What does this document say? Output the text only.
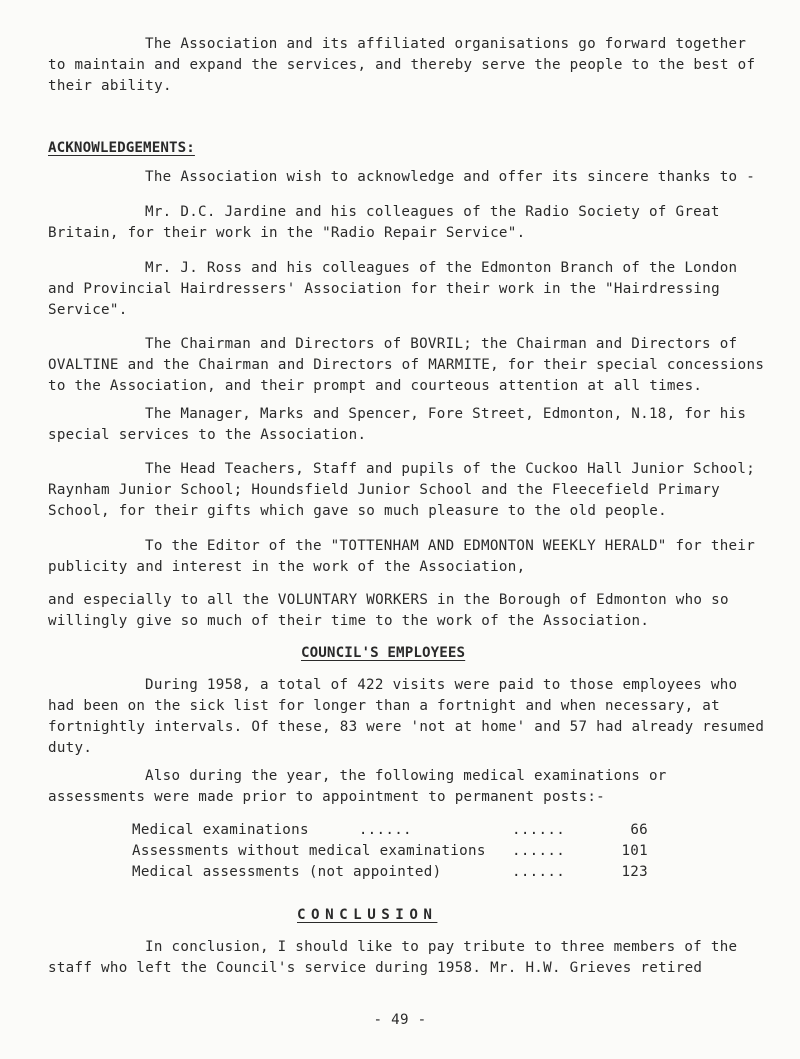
The Association and its affiliated organisations go forward together to maintain and expand the services, and thereby serve the people to the best of their ability.

ACKNOWLEDGEMENTS:

The Association wish to acknowledge and offer its sincere thanks to -

Mr. D.C. Jardine and his colleagues of the Radio Society of Great Britain, for their work in the "Radio Repair Service".

Mr. J. Ross and his colleagues of the Edmonton Branch of the London and Provincial Hairdressers' Association for their work in the "Hairdressing Service".

The Chairman and Directors of BOVRIL; the Chairman and Directors of OVALTINE and the Chairman and Directors of MARMITE, for their special concessions to the Association, and their prompt and courteous attention at all times.

The Manager, Marks and Spencer, Fore Street, Edmonton, N.18, for his special services to the Association.

The Head Teachers, Staff and pupils of the Cuckoo Hall Junior School; Raynham Junior School; Houndsfield Junior School and the Fleecefield Primary School, for their gifts which gave so much pleasure to the old people.

To the Editor of the "TOTTENHAM AND EDMONTON WEEKLY HERALD" for their publicity and interest in the work of the Association,

and especially to all the VOLUNTARY WORKERS in the Borough of Edmonton who so willingly give so much of their time to the work of the Association.

COUNCIL'S EMPLOYEES

During 1958, a total of 422 visits were paid to those employees who had been on the sick list for longer than a fortnight and when necessary, at fortnightly intervals. Of these, 83 were 'not at home' and 57 had already resumed duty.

Also during the year, the following medical examinations or assessments were made prior to appointment to permanent posts:-

Medical examinations ......	......	66
Assessments without medical examinations	......	101
Medical assessments (not appointed)	......	123
CONCLUSION

In conclusion, I should like to pay tribute to three members of the staff who left the Council's service during 1958. Mr. H.W. Grieves retired

- 49 -
